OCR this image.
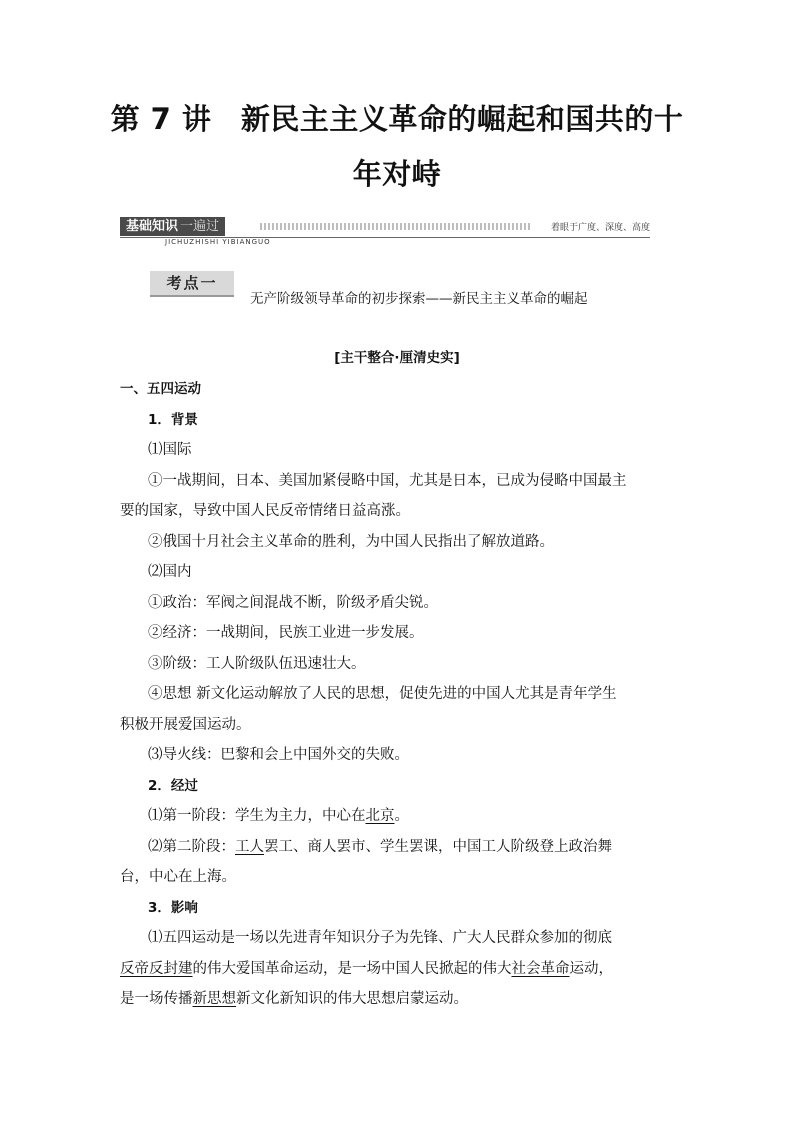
第 7 讲　新民主主义革命的崛起和国共的十
年对峙
基础知识 一遍过	着眼于广度、深度、高度
JICHUZHISHI YIBIANGUO
考点一
无产阶级领导革命的初步探索——新民主主义革命的崛起
[主干整合·厘清史实]

一、五四运动

1．背景

⑴国际

①一战期间，日本、美国加紧侵略中国，尤其是日本，已成为侵略中国最主

要的国家，导致中国人民反帝情绪日益高涨。

②俄国十月社会主义革命的胜利，为中国人民指出了解放道路。

⑵国内

①政治：军阀之间混战不断，阶级矛盾尖锐。

②经济：一战期间，民族工业进一步发展。

③阶级：工人阶级队伍迅速壮大。

④思想 新文化运动解放了人民的思想，促使先进的中国人尤其是青年学生

积极开展爱国运动。

⑶导火线：巴黎和会上中国外交的失败。

2．经过

⑴第一阶段：学生为主力，中心在北京。

⑵第二阶段：工人罢工、商人罢市、学生罢课，中国工人阶级登上政治舞

台，中心在上海。

3．影响

⑴五四运动是一场以先进青年知识分子为先锋、广大人民群众参加的彻底

反帝反封建的伟大爱国革命运动，是一场中国人民掀起的伟大社会革命运动，

是一场传播新思想新文化新知识的伟大思想启蒙运动。
